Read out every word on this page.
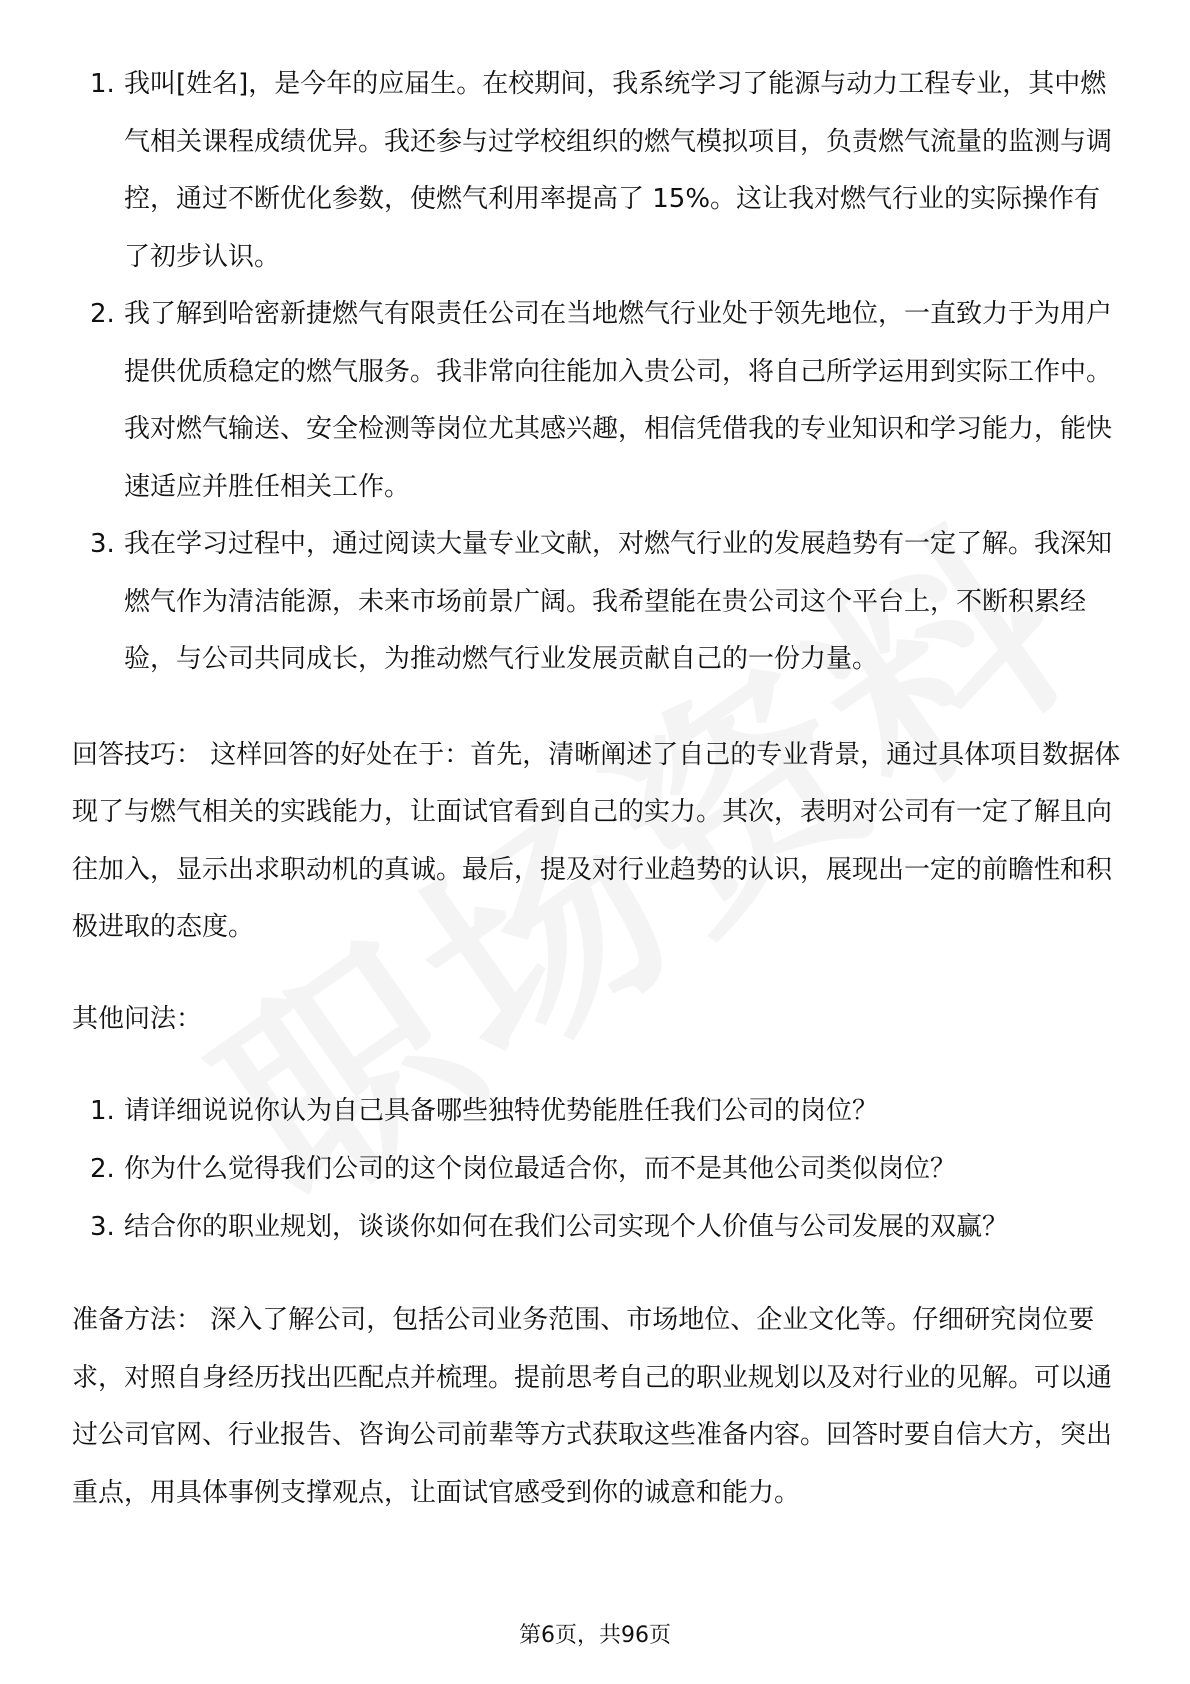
1. 我叫[姓名]，是今年的应届生。在校期间，我系统学习了能源与动力工程专业，其中燃气相关课程成绩优异。我还参与过学校组织的燃气模拟项目，负责燃气流量的监测与调控，通过不断优化参数，使燃气利用率提高了 15%。这让我对燃气行业的实际操作有了初步认识。
2. 我了解到哈密新捷燃气有限责任公司在当地燃气行业处于领先地位，一直致力于为用户提供优质稳定的燃气服务。我非常向往能加入贵公司，将自己所学运用到实际工作中。我对燃气输送、安全检测等岗位尤其感兴趣，相信凭借我的专业知识和学习能力，能快速适应并胜任相关工作。
3. 我在学习过程中，通过阅读大量专业文献，对燃气行业的发展趋势有一定了解。我深知燃气作为清洁能源，未来市场前景广阔。我希望能在贵公司这个平台上，不断积累经验，与公司共同成长，为推动燃气行业发展贡献自己的一份力量。

回答技巧： 这样回答的好处在于：首先，清晰阐述了自己的专业背景，通过具体项目数据体现了与燃气相关的实践能力，让面试官看到自己的实力。其次，表明对公司有一定了解且向往加入，显示出求职动机的真诚。最后，提及对行业趋势的认识，展现出一定的前瞻性和积极进取的态度。

其他问法：

1. 请详细说说你认为自己具备哪些独特优势能胜任我们公司的岗位？
2. 你为什么觉得我们公司的这个岗位最适合你，而不是其他公司类似岗位？
3. 结合你的职业规划，谈谈你如何在我们公司实现个人价值与公司发展的双赢？

准备方法： 深入了解公司，包括公司业务范围、市场地位、企业文化等。仔细研究岗位要求，对照自身经历找出匹配点并梳理。提前思考自己的职业规划以及对行业的见解。可以通过公司官网、行业报告、咨询公司前辈等方式获取这些准备内容。回答时要自信大方，突出重点，用具体事例支撑观点，让面试官感受到你的诚意和能力。

第6页，共96页
